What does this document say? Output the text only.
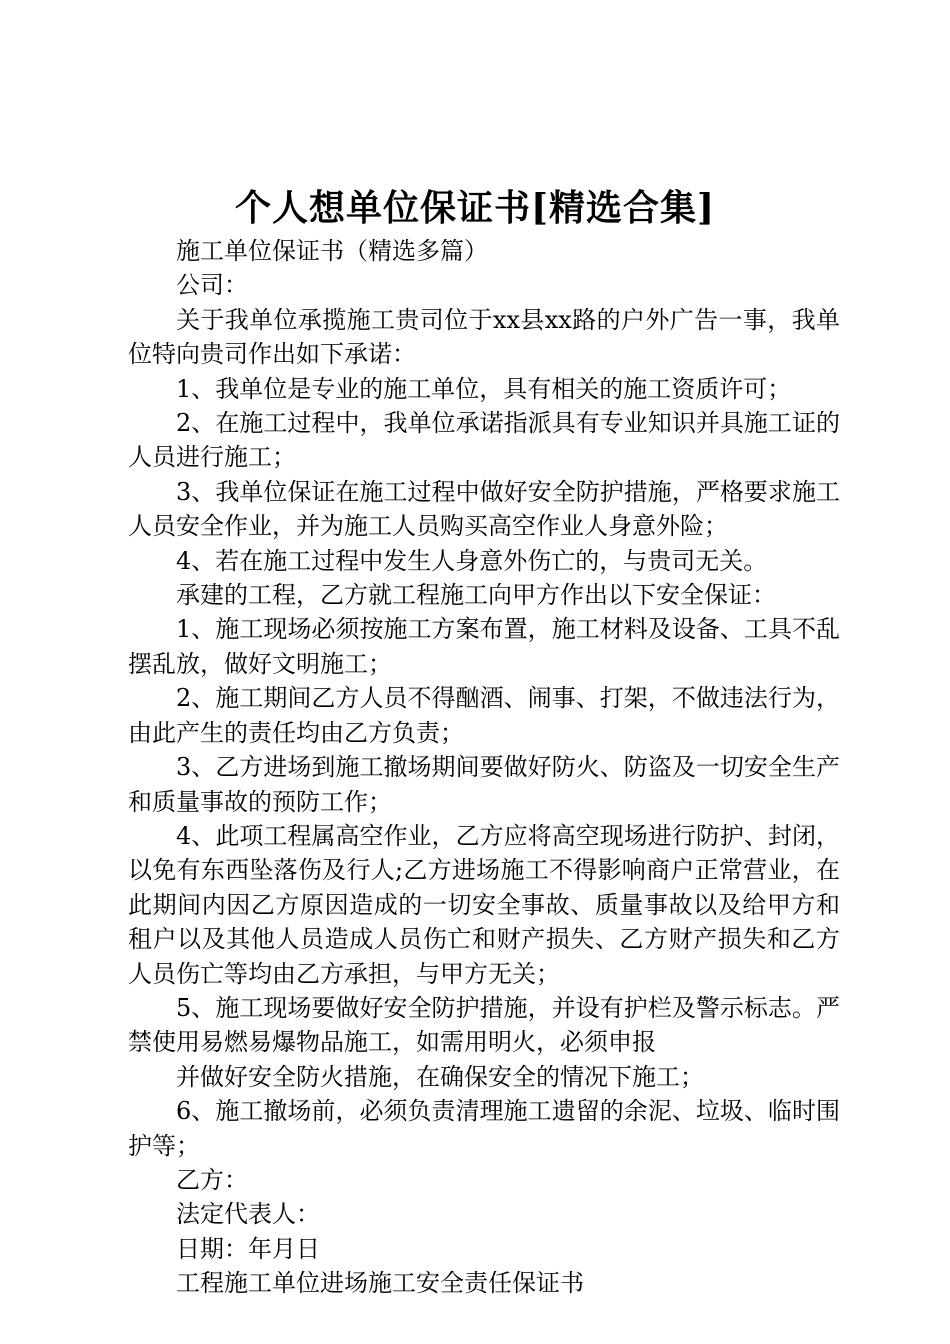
个人想单位保证书[精选合集]

施工单位保证书（精选多篇）

公司：

关于我单位承揽施工贵司位于xx县xx路的户外广告一事，我单位特向贵司作出如下承诺：

1、我单位是专业的施工单位，具有相关的施工资质许可；

2、在施工过程中，我单位承诺指派具有专业知识并具施工证的人员进行施工；

3、我单位保证在施工过程中做好安全防护措施，严格要求施工人员安全作业，并为施工人员购买高空作业人身意外险；

4、若在施工过程中发生人身意外伤亡的，与贵司无关。

承建的工程，乙方就工程施工向甲方作出以下安全保证：

1、施工现场必须按施工方案布置，施工材料及设备、工具不乱摆乱放，做好文明施工；

2、施工期间乙方人员不得酗酒、闹事、打架，不做违法行为，由此产生的责任均由乙方负责；

3、乙方进场到施工撤场期间要做好防火、防盗及一切安全生产和质量事故的预防工作；

4、此项工程属高空作业，乙方应将高空现场进行防护、封闭，以免有东西坠落伤及行人;乙方进场施工不得影响商户正常营业，在此期间内因乙方原因造成的一切安全事故、质量事故以及给甲方和租户以及其他人员造成人员伤亡和财产损失、乙方财产损失和乙方人员伤亡等均由乙方承担，与甲方无关；

5、施工现场要做好安全防护措施，并设有护栏及警示标志。严禁使用易燃易爆物品施工，如需用明火，必须申报

并做好安全防火措施，在确保安全的情况下施工；

6、施工撤场前，必须负责清理施工遗留的余泥、垃圾、临时围护等；

乙方：

法定代表人：

日期：年月日

工程施工单位进场施工安全责任保证书
